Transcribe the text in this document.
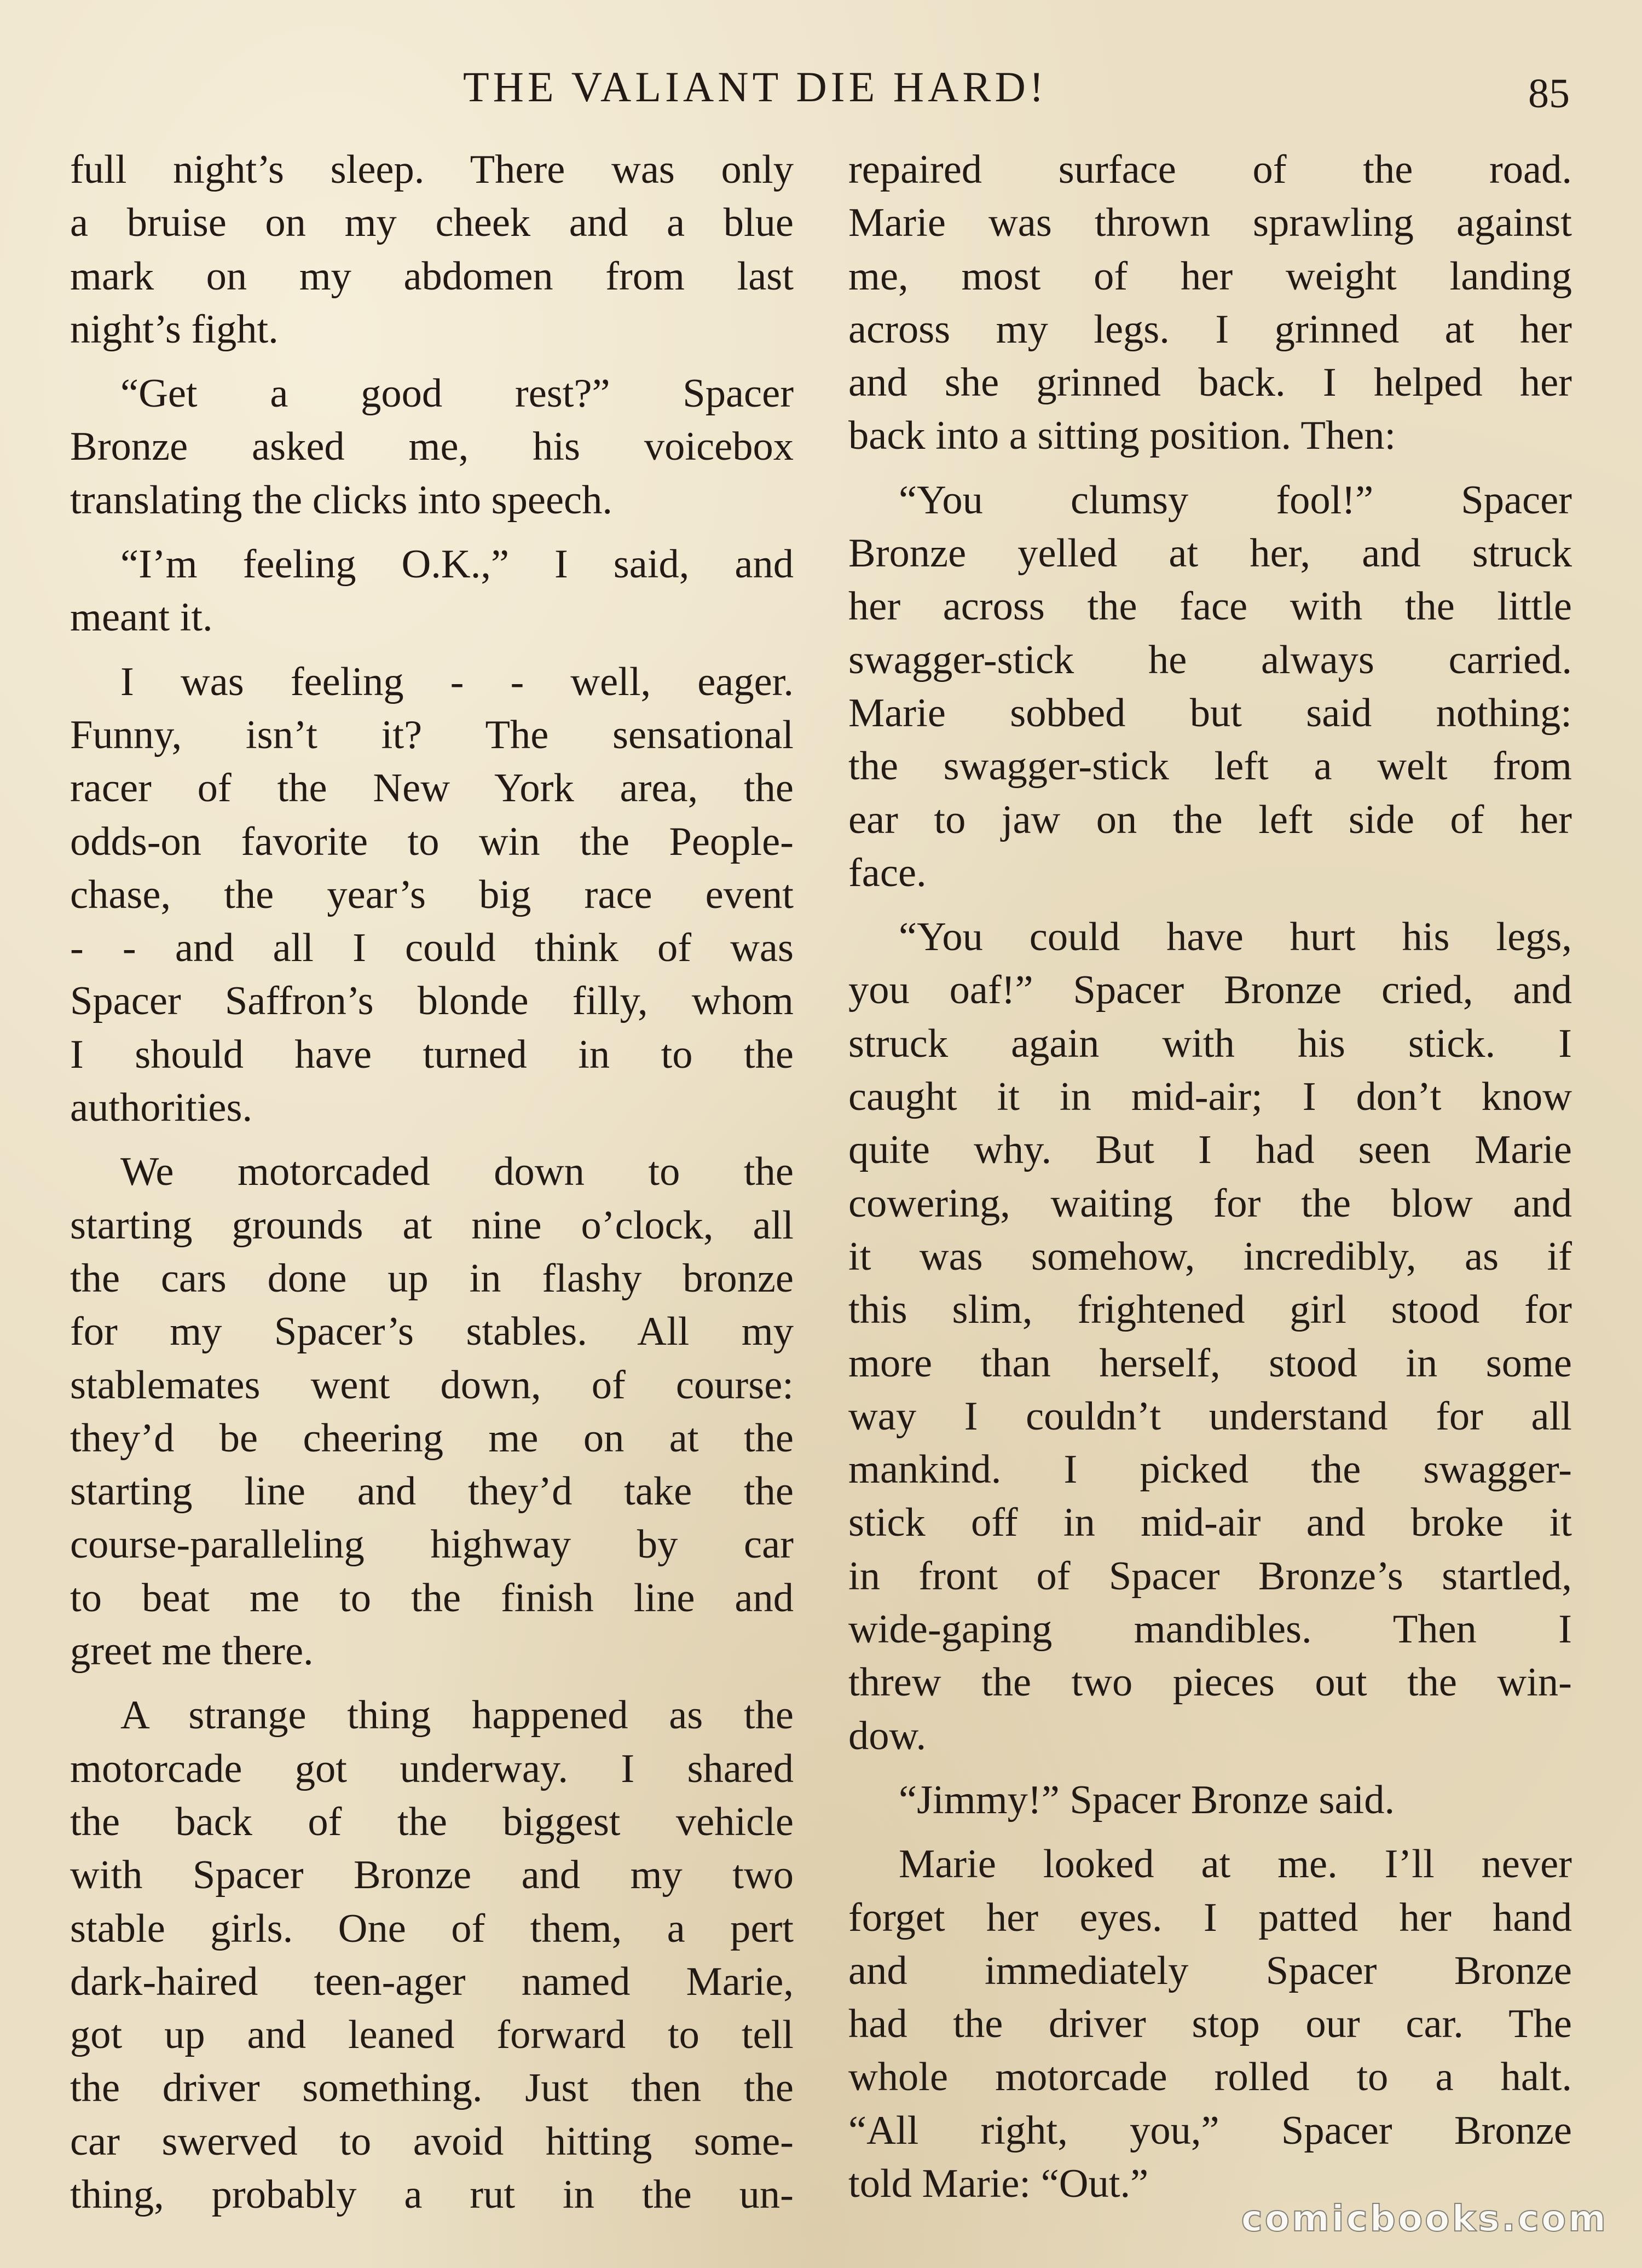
THE VALIANT DIE HARD!	85
full night’s sleep. There was only
a bruise on my cheek and a blue
mark on my abdomen from last
night’s fight.
“Get a good rest?” Spacer
Bronze asked me, his voicebox
translating the clicks into speech.
“I’m feeling O.K.,” I said, and
meant it.
I was feeling - - well, eager.
Funny, isn’t it? The sensational
racer of the New York area, the
odds-on favorite to win the People-
chase, the year’s big race event
- - and all I could think of was
Spacer Saffron’s blonde filly, whom
I should have turned in to the
authorities.
We motorcaded down to the
starting grounds at nine o’clock, all
the cars done up in flashy bronze
for my Spacer’s stables. All my
stablemates went down, of course:
they’d be cheering me on at the
starting line and they’d take the
course-paralleling highway by car
to beat me to the finish line and
greet me there.
A strange thing happened as the
motorcade got underway. I shared
the back of the biggest vehicle
with Spacer Bronze and my two
stable girls. One of them, a pert
dark-haired teen-ager named Marie,
got up and leaned forward to tell
the driver something. Just then the
car swerved to avoid hitting some-
thing, probably a rut in the un-
repaired surface of the road.
Marie was thrown sprawling against
me, most of her weight landing
across my legs. I grinned at her
and she grinned back. I helped her
back into a sitting position. Then:
“You clumsy fool!” Spacer
Bronze yelled at her, and struck
her across the face with the little
swagger-stick he always carried.
Marie sobbed but said nothing:
the swagger-stick left a welt from
ear to jaw on the left side of her
face.
“You could have hurt his legs,
you oaf!” Spacer Bronze cried, and
struck again with his stick. I
caught it in mid-air; I don’t know
quite why. But I had seen Marie
cowering, waiting for the blow and
it was somehow, incredibly, as if
this slim, frightened girl stood for
more than herself, stood in some
way I couldn’t understand for all
mankind. I picked the swagger-
stick off in mid-air and broke it
in front of Spacer Bronze’s startled,
wide-gaping mandibles. Then I
threw the two pieces out the win-
dow.
“Jimmy!” Spacer Bronze said.
Marie looked at me. I’ll never
forget her eyes. I patted her hand
and immediately Spacer Bronze
had the driver stop our car. The
whole motorcade rolled to a halt.
“All right, you,” Spacer Bronze
told Marie: “Out.”
comicbooks.com
